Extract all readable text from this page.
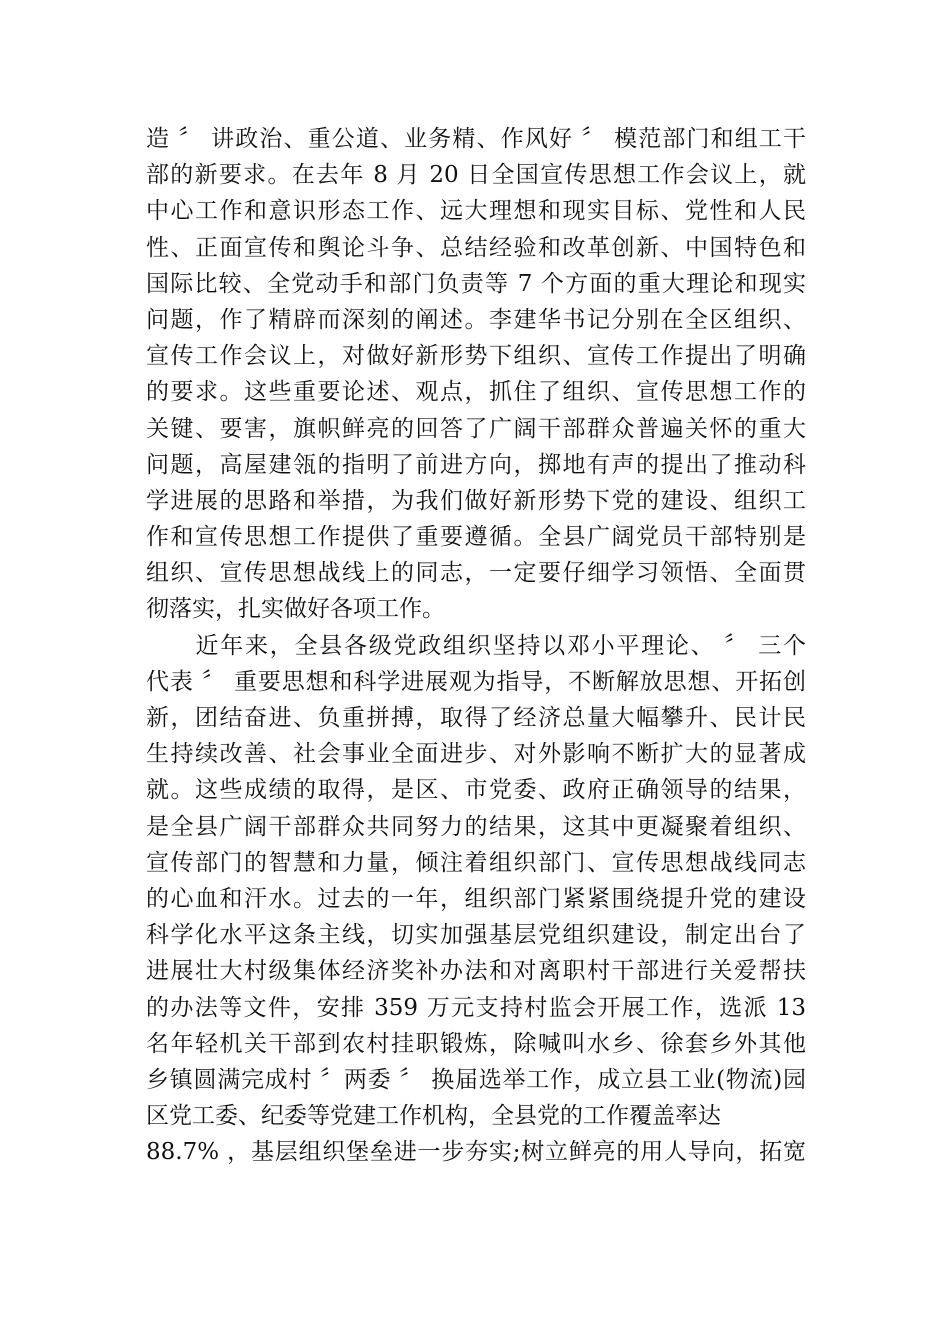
造 〞 讲政治、重公道、业务精、作风好 〞 模范部门和组工干
部的新要求。在去年 8 月 20 日全国宣传思想工作会议上，就
中心工作和意识形态工作、远大理想和现实目标、党性和人民
性、正面宣传和舆论斗争、总结经验和改革创新、中国特色和
国际比较、全党动手和部门负责等 7 个方面的重大理论和现实
问题，作了精辟而深刻的阐述。李建华书记分别在全区组织、
宣传工作会议上，对做好新形势下组织、宣传工作提出了明确
的要求。这些重要论述、观点，抓住了组织、宣传思想工作的
关键、要害，旗帜鲜亮的回答了广阔干部群众普遍关怀的重大
问题，高屋建瓴的指明了前进方向，掷地有声的提出了推动科
学进展的思路和举措，为我们做好新形势下党的建设、组织工
作和宣传思想工作提供了重要遵循。全县广阔党员干部特别是
组织、宣传思想战线上的同志，一定要仔细学习领悟、全面贯
彻落实，扎实做好各项工作。
　　近年来，全县各级党政组织坚持以邓小平理论、 〞 三个
代表 〞 重要思想和科学进展观为指导，不断解放思想、开拓创
新，团结奋进、负重拼搏，取得了经济总量大幅攀升、民计民
生持续改善、社会事业全面进步、对外影响不断扩大的显著成
就。这些成绩的取得，是区、市党委、政府正确领导的结果，
是全县广阔干部群众共同努力的结果，这其中更凝聚着组织、
宣传部门的智慧和力量，倾注着组织部门、宣传思想战线同志
的心血和汗水。过去的一年，组织部门紧紧围绕提升党的建设
科学化水平这条主线，切实加强基层党组织建设，制定出台了
进展壮大村级集体经济奖补办法和对离职村干部进行关爱帮扶
的办法等文件，安排 359 万元支持村监会开展工作，选派 13
名年轻机关干部到农村挂职锻炼，除喊叫水乡、徐套乡外其他
乡镇圆满完成村 〞两委 〞 换届选举工作，成立县工业(物流)园
区党工委、纪委等党建工作机构，全县党的工作覆盖率达
88.7% ，基层组织堡垒进一步夯实;树立鲜亮的用人导向，拓宽
